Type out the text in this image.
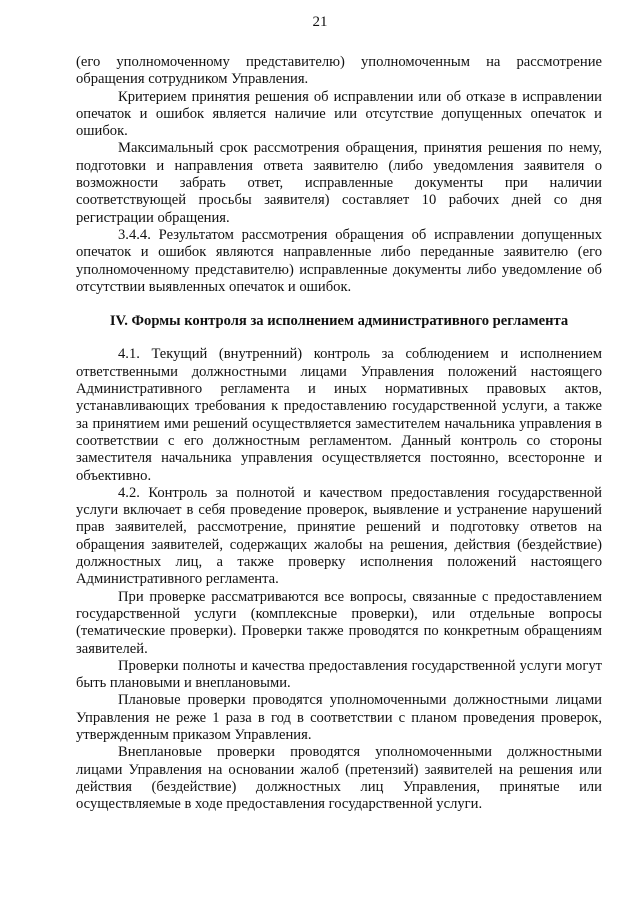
21

(его уполномоченному представителю) уполномоченным на рассмотрение обращения сотрудником Управления.

Критерием принятия решения об исправлении или об отказе в исправлении опечаток и ошибок является наличие или отсутствие допущенных опечаток и ошибок.

Максимальный срок рассмотрения обращения, принятия решения по нему, подготовки и направления ответа заявителю (либо уведомления заявителя о возможности забрать ответ, исправленные документы при наличии соответствующей просьбы заявителя) составляет 10 рабочих дней со дня регистрации обращения.

3.4.4. Результатом рассмотрения обращения об исправлении допущенных опечаток и ошибок являются направленные либо переданные заявителю (его уполномоченному представителю) исправленные документы либо уведомление об отсутствии выявленных опечаток и ошибок.

IV. Формы контроля за исполнением административного регламента

4.1. Текущий (внутренний) контроль за соблюдением и исполнением ответственными должностными лицами Управления положений настоящего Административного регламента и иных нормативных правовых актов, устанавливающих требования к предоставлению государственной услуги, а также за принятием ими решений осуществляется заместителем начальника управления в соответствии с его должностным регламентом. Данный контроль со стороны заместителя начальника управления осуществляется постоянно, всесторонне и объективно.

4.2. Контроль за полнотой и качеством предоставления государственной услуги включает в себя проведение проверок, выявление и устранение нарушений прав заявителей, рассмотрение, принятие решений и подготовку ответов на обращения заявителей, содержащих жалобы на решения, действия (бездействие) должностных лиц, а также проверку исполнения положений настоящего Административного регламента.

При проверке рассматриваются все вопросы, связанные с предоставлением государственной услуги (комплексные проверки), или отдельные вопросы (тематические проверки). Проверки также проводятся по конкретным обращениям заявителей.

Проверки полноты и качества предоставления государственной услуги могут быть плановыми и внеплановыми.

Плановые проверки проводятся уполномоченными должностными лицами Управления не реже 1 раза в год в соответствии с планом проведения проверок, утвержденным приказом Управления.

Внеплановые проверки проводятся уполномоченными должностными лицами Управления на основании жалоб (претензий) заявителей на решения или действия (бездействие) должностных лиц Управления, принятые или осуществляемые в ходе предоставления государственной услуги.
